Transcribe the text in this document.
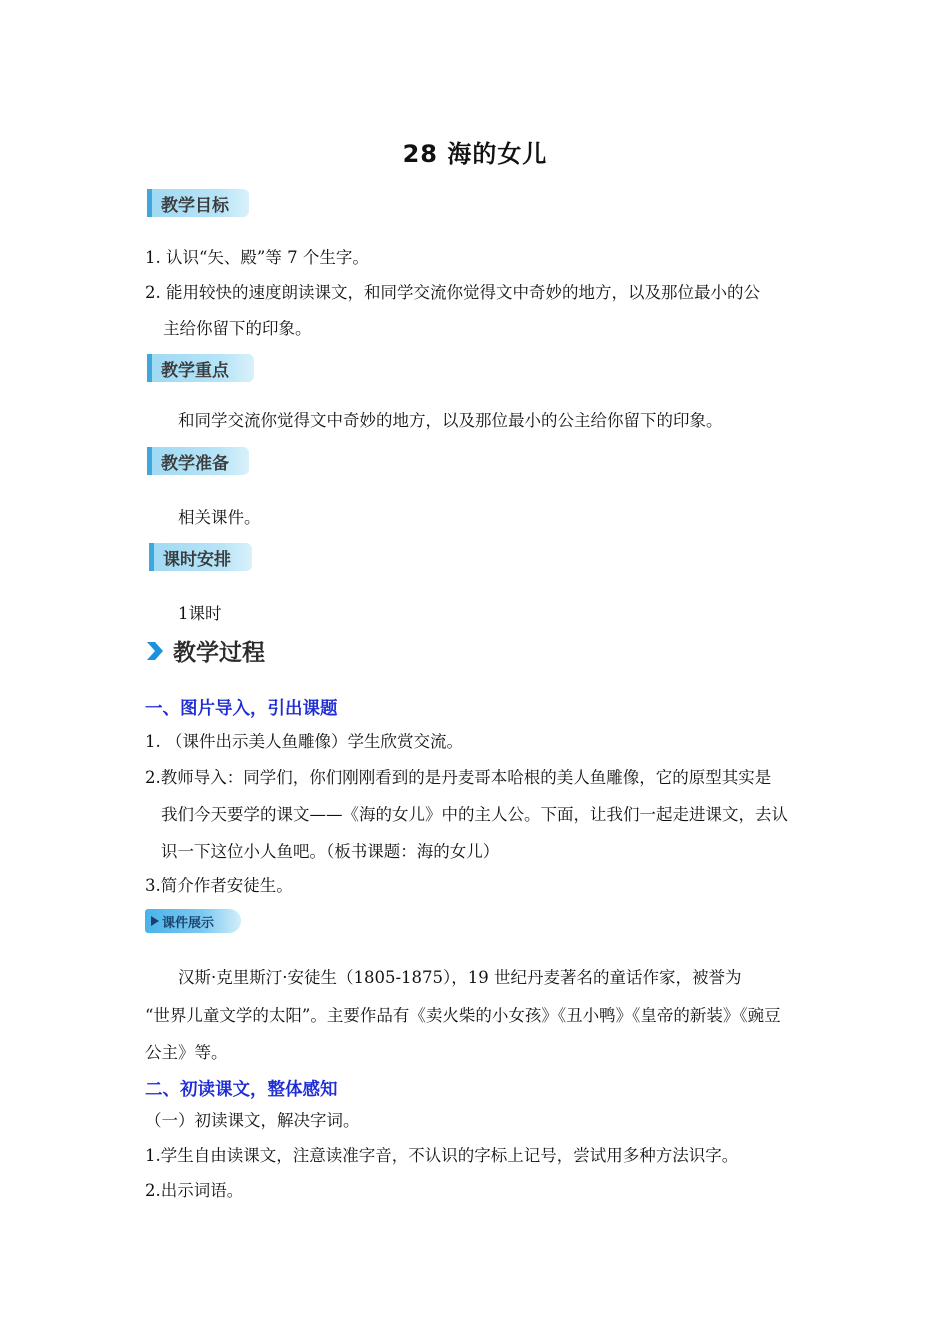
28 海的女儿
教学目标
1. 认识“矢、殿”等 7 个生字。
2. 能用较快的速度朗读课文，和同学交流你觉得文中奇妙的地方，以及那位最小的公
主给你留下的印象。
教学重点
和同学交流你觉得文中奇妙的地方，以及那位最小的公主给你留下的印象。
教学准备
相关课件。
课时安排
1课时
教学过程
一、图片导入，引出课题
1. （课件出示美人鱼雕像）学生欣赏交流。
2.教师导入：同学们，你们刚刚看到的是丹麦哥本哈根的美人鱼雕像，它的原型其实是
我们今天要学的课文——《海的女儿》中的主人公。下面，让我们一起走进课文，去认
识一下这位小人鱼吧。（板书课题：海的女儿）
3.简介作者安徒生。
课件展示
汉斯·克里斯汀·安徒生（1805-1875），19 世纪丹麦著名的童话作家，被誉为
“世界儿童文学的太阳”。主要作品有《卖火柴的小女孩》《丑小鸭》《皇帝的新装》《豌豆
公主》等。
二、初读课文，整体感知
（一）初读课文，解决字词。
1.学生自由读课文，注意读准字音，不认识的字标上记号，尝试用多种方法识字。
2.出示词语。
